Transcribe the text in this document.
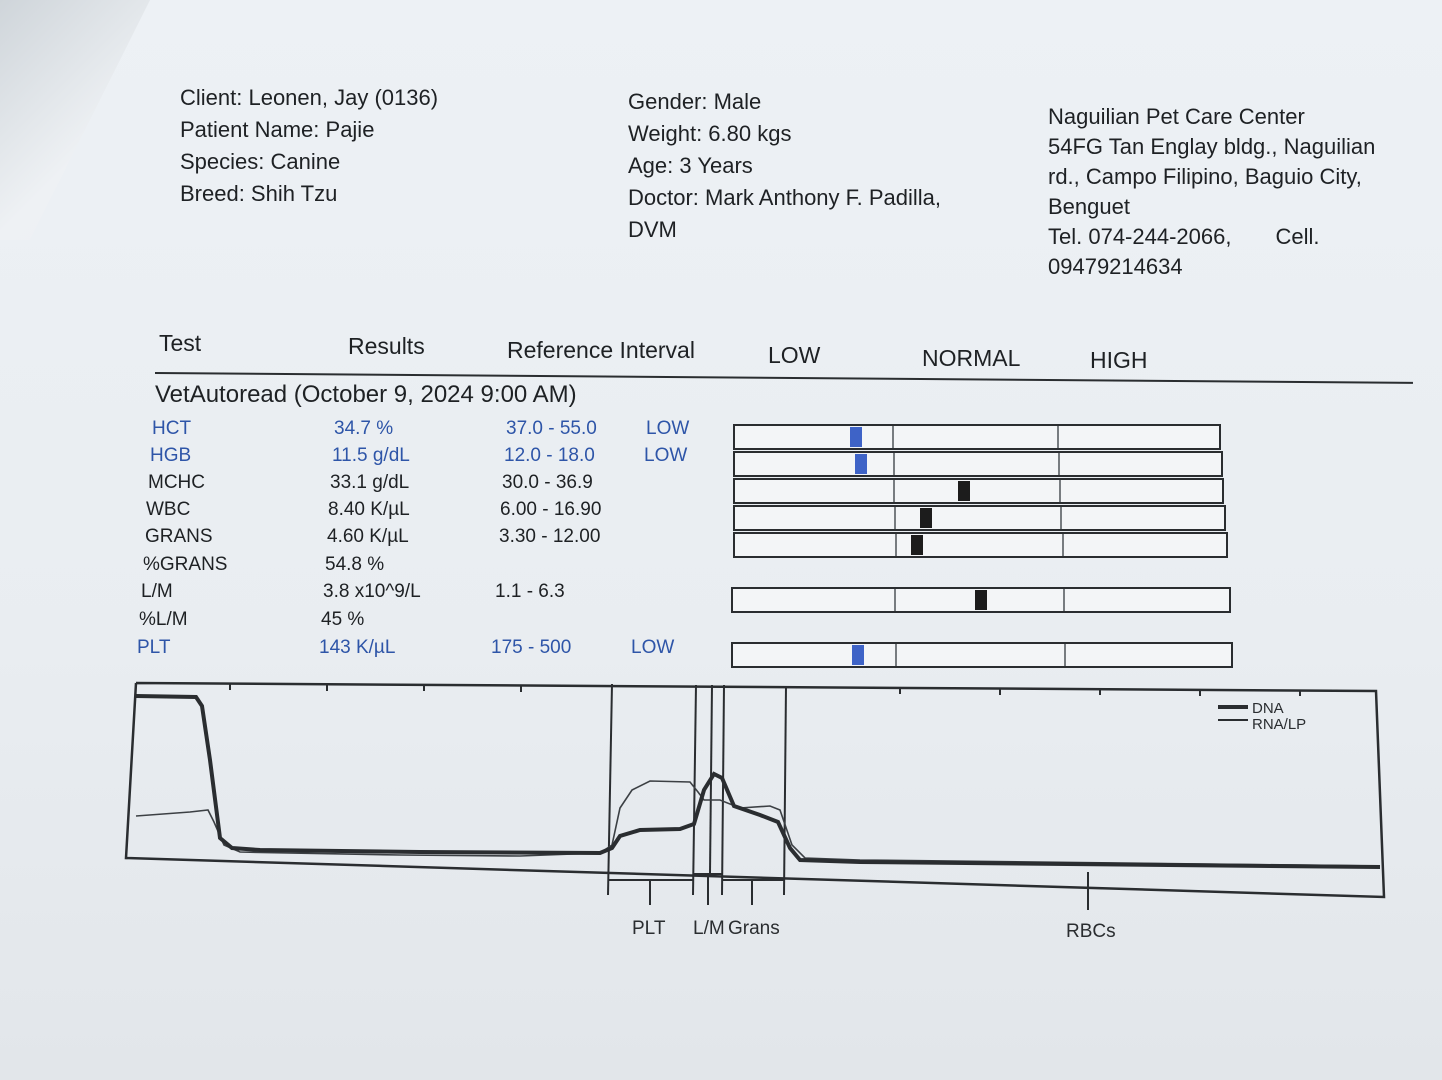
Client: Leonen, Jay (0136)
Patient Name: Pajie
Species: Canine
Breed: Shih Tzu
Gender: Male
Weight: 6.80 kgs
Age: 3 Years
Doctor: Mark Anthony F. Padilla,
DVM
Naguilian Pet Care Center
54FG Tan Englay bldg., Naguilian
rd., Campo Filipino, Baguio City,
Benguet
Tel. 074-244-2066, Cell.
09479214634
Test	Results	Reference Interval	LOW	NORMAL	HIGH
VetAutoread (October 9, 2024 9:00 AM)
HCT	34.7 %	37.0 - 55.0	LOW
HGB	11.5 g/dL	12.0 - 18.0	LOW
MCHC	33.1 g/dL	30.0 - 36.9
WBC	8.40 K/µL	6.00 - 16.90
GRANS	4.60 K/µL	3.30 - 12.00
%GRANS	54.8 %
L/M	3.8 x10^9/L	1.1 - 6.3
%L/M	45 %
PLT	143 K/µL	175 - 500	LOW
DNA
RNA/LP
PLT L/M Grans	RBCs
